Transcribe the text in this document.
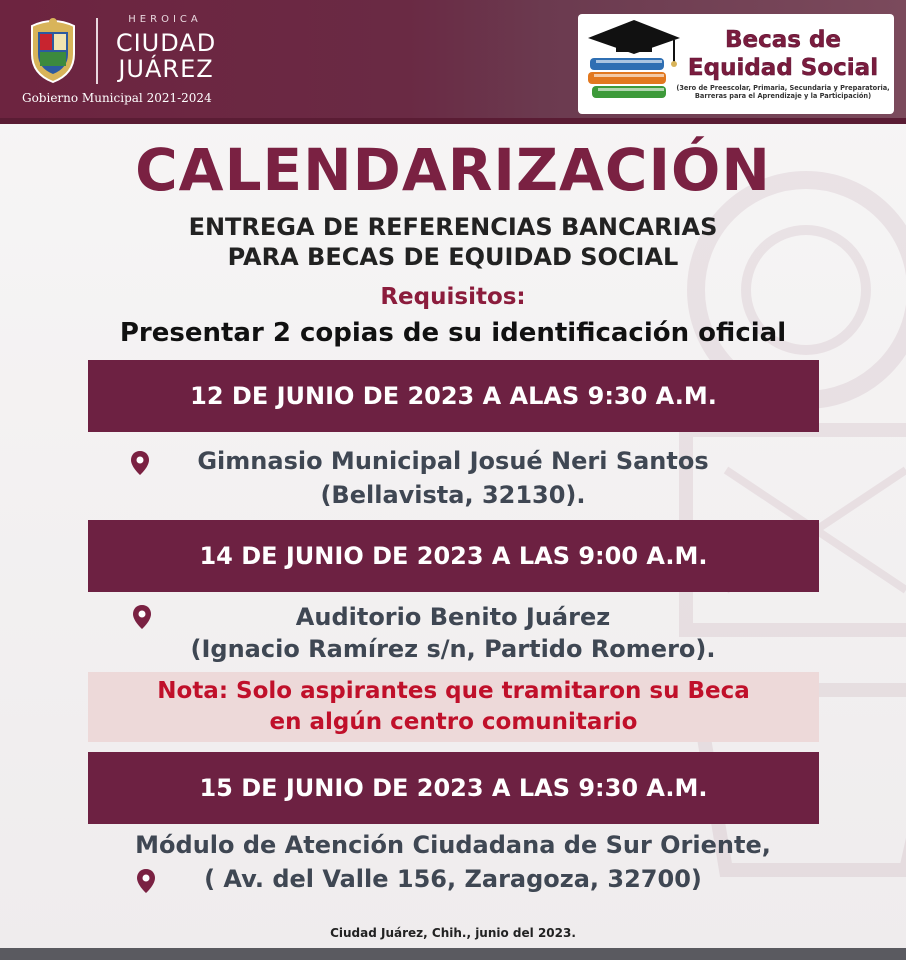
HEROICA
CIUDAD
JUÁREZ
Gobierno Municipal 2021-2024
Becas de
Equidad Social
(3ero de Preescolar, Primaria, Secundaria y Preparatoria,
Barreras para el Aprendizaje y la Participación)
CALENDARIZACIÓN
ENTREGA DE REFERENCIAS BANCARIAS
PARA BECAS DE EQUIDAD SOCIAL
Requisitos:
Presentar 2 copias de su identificación oficial
12 DE JUNIO DE 2023 A ALAS 9:30 A.M.
Gimnasio Municipal Josué Neri Santos
(Bellavista, 32130).
14 DE JUNIO DE 2023 A LAS 9:00 A.M.
Auditorio Benito Juárez
(Ignacio Ramírez s/n, Partido Romero).
Nota: Solo aspirantes que tramitaron su Beca
en algún centro comunitario
15 DE JUNIO DE 2023 A LAS 9:30 A.M.
Módulo de Atención Ciudadana de Sur Oriente,
( Av. del Valle 156, Zaragoza, 32700)
Ciudad Juárez, Chih., junio del 2023.
